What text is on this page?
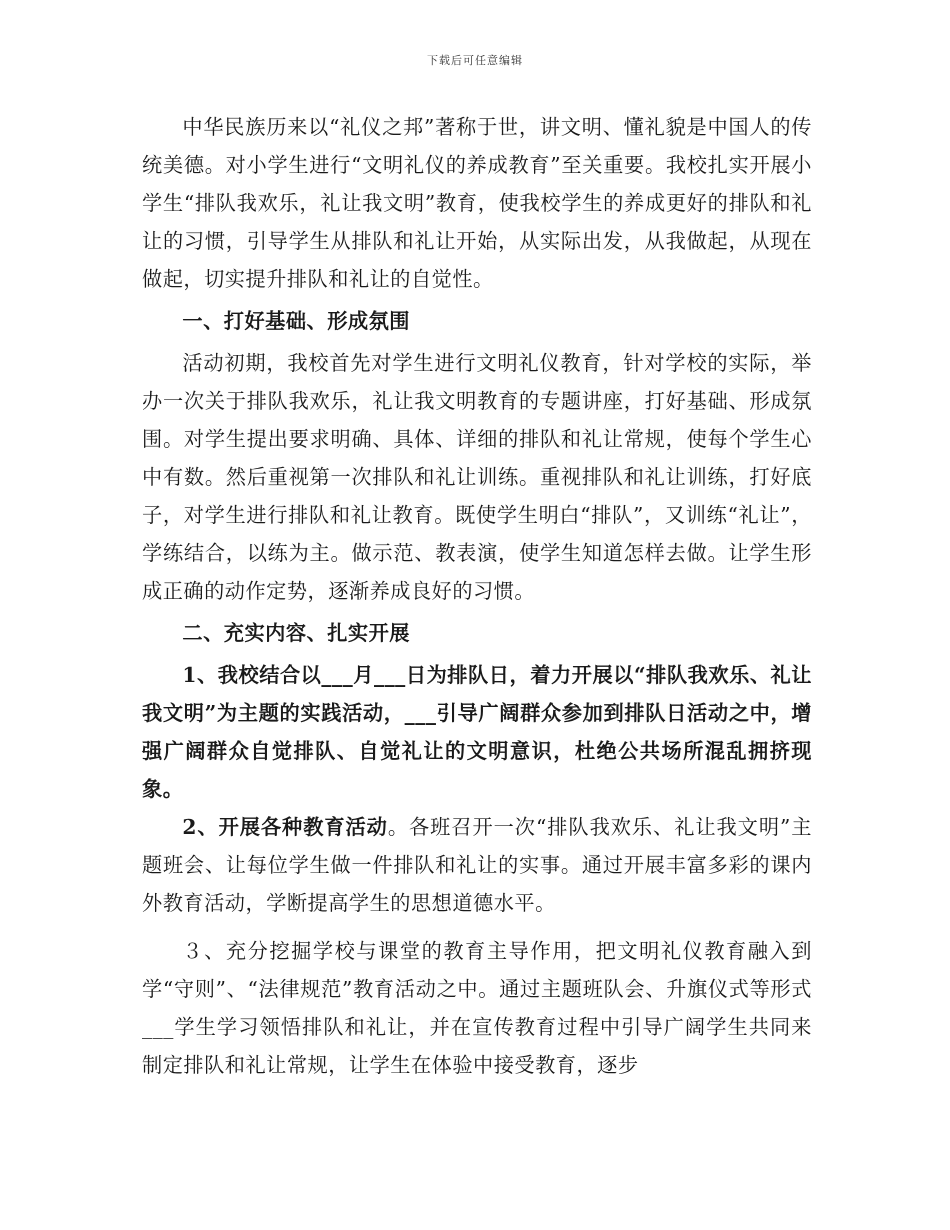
下载后可任意编辑

中华民族历来以“礼仪之邦”著称于世，讲文明、懂礼貌是中国人的传统美德。对小学生进行“文明礼仪的养成教育”至关重要。我校扎实开展小学生“排队我欢乐，礼让我文明”教育，使我校学生的养成更好的排队和礼让的习惯，引导学生从排队和礼让开始，从实际出发，从我做起，从现在做起，切实提升排队和礼让的自觉性。

一、打好基础、形成氛围

活动初期，我校首先对学生进行文明礼仪教育，针对学校的实际，举办一次关于排队我欢乐，礼让我文明教育的专题讲座，打好基础、形成氛围。对学生提出要求明确、具体、详细的排队和礼让常规，使每个学生心中有数。然后重视第一次排队和礼让训练。重视排队和礼让训练，打好底子，对学生进行排队和礼让教育。既使学生明白“排队”，又训练“礼让”，学练结合，以练为主。做示范、教表演，使学生知道怎样去做。让学生形成正确的动作定势，逐渐养成良好的习惯。

二、充实内容、扎实开展

1、我校结合以___月___日为排队日，着力开展以“排队我欢乐、礼让我文明”为主题的实践活动，___引导广阔群众参加到排队日活动之中，增强广阔群众自觉排队、自觉礼让的文明意识，杜绝公共场所混乱拥挤现象。

2、开展各种教育活动。各班召开一次“排队我欢乐、礼让我文明”主题班会、让每位学生做一件排队和礼让的实事。通过开展丰富多彩的课内外教育活动，学断提高学生的思想道德水平。

３、充分挖掘学校与课堂的教育主导作用，把文明礼仪教育融入到学“守则”、“法律规范”教育活动之中。通过主题班队会、升旗仪式等形式___学生学习领悟排队和礼让，并在宣传教育过程中引导广阔学生共同来制定排队和礼让常规，让学生在体验中接受教育，逐步
